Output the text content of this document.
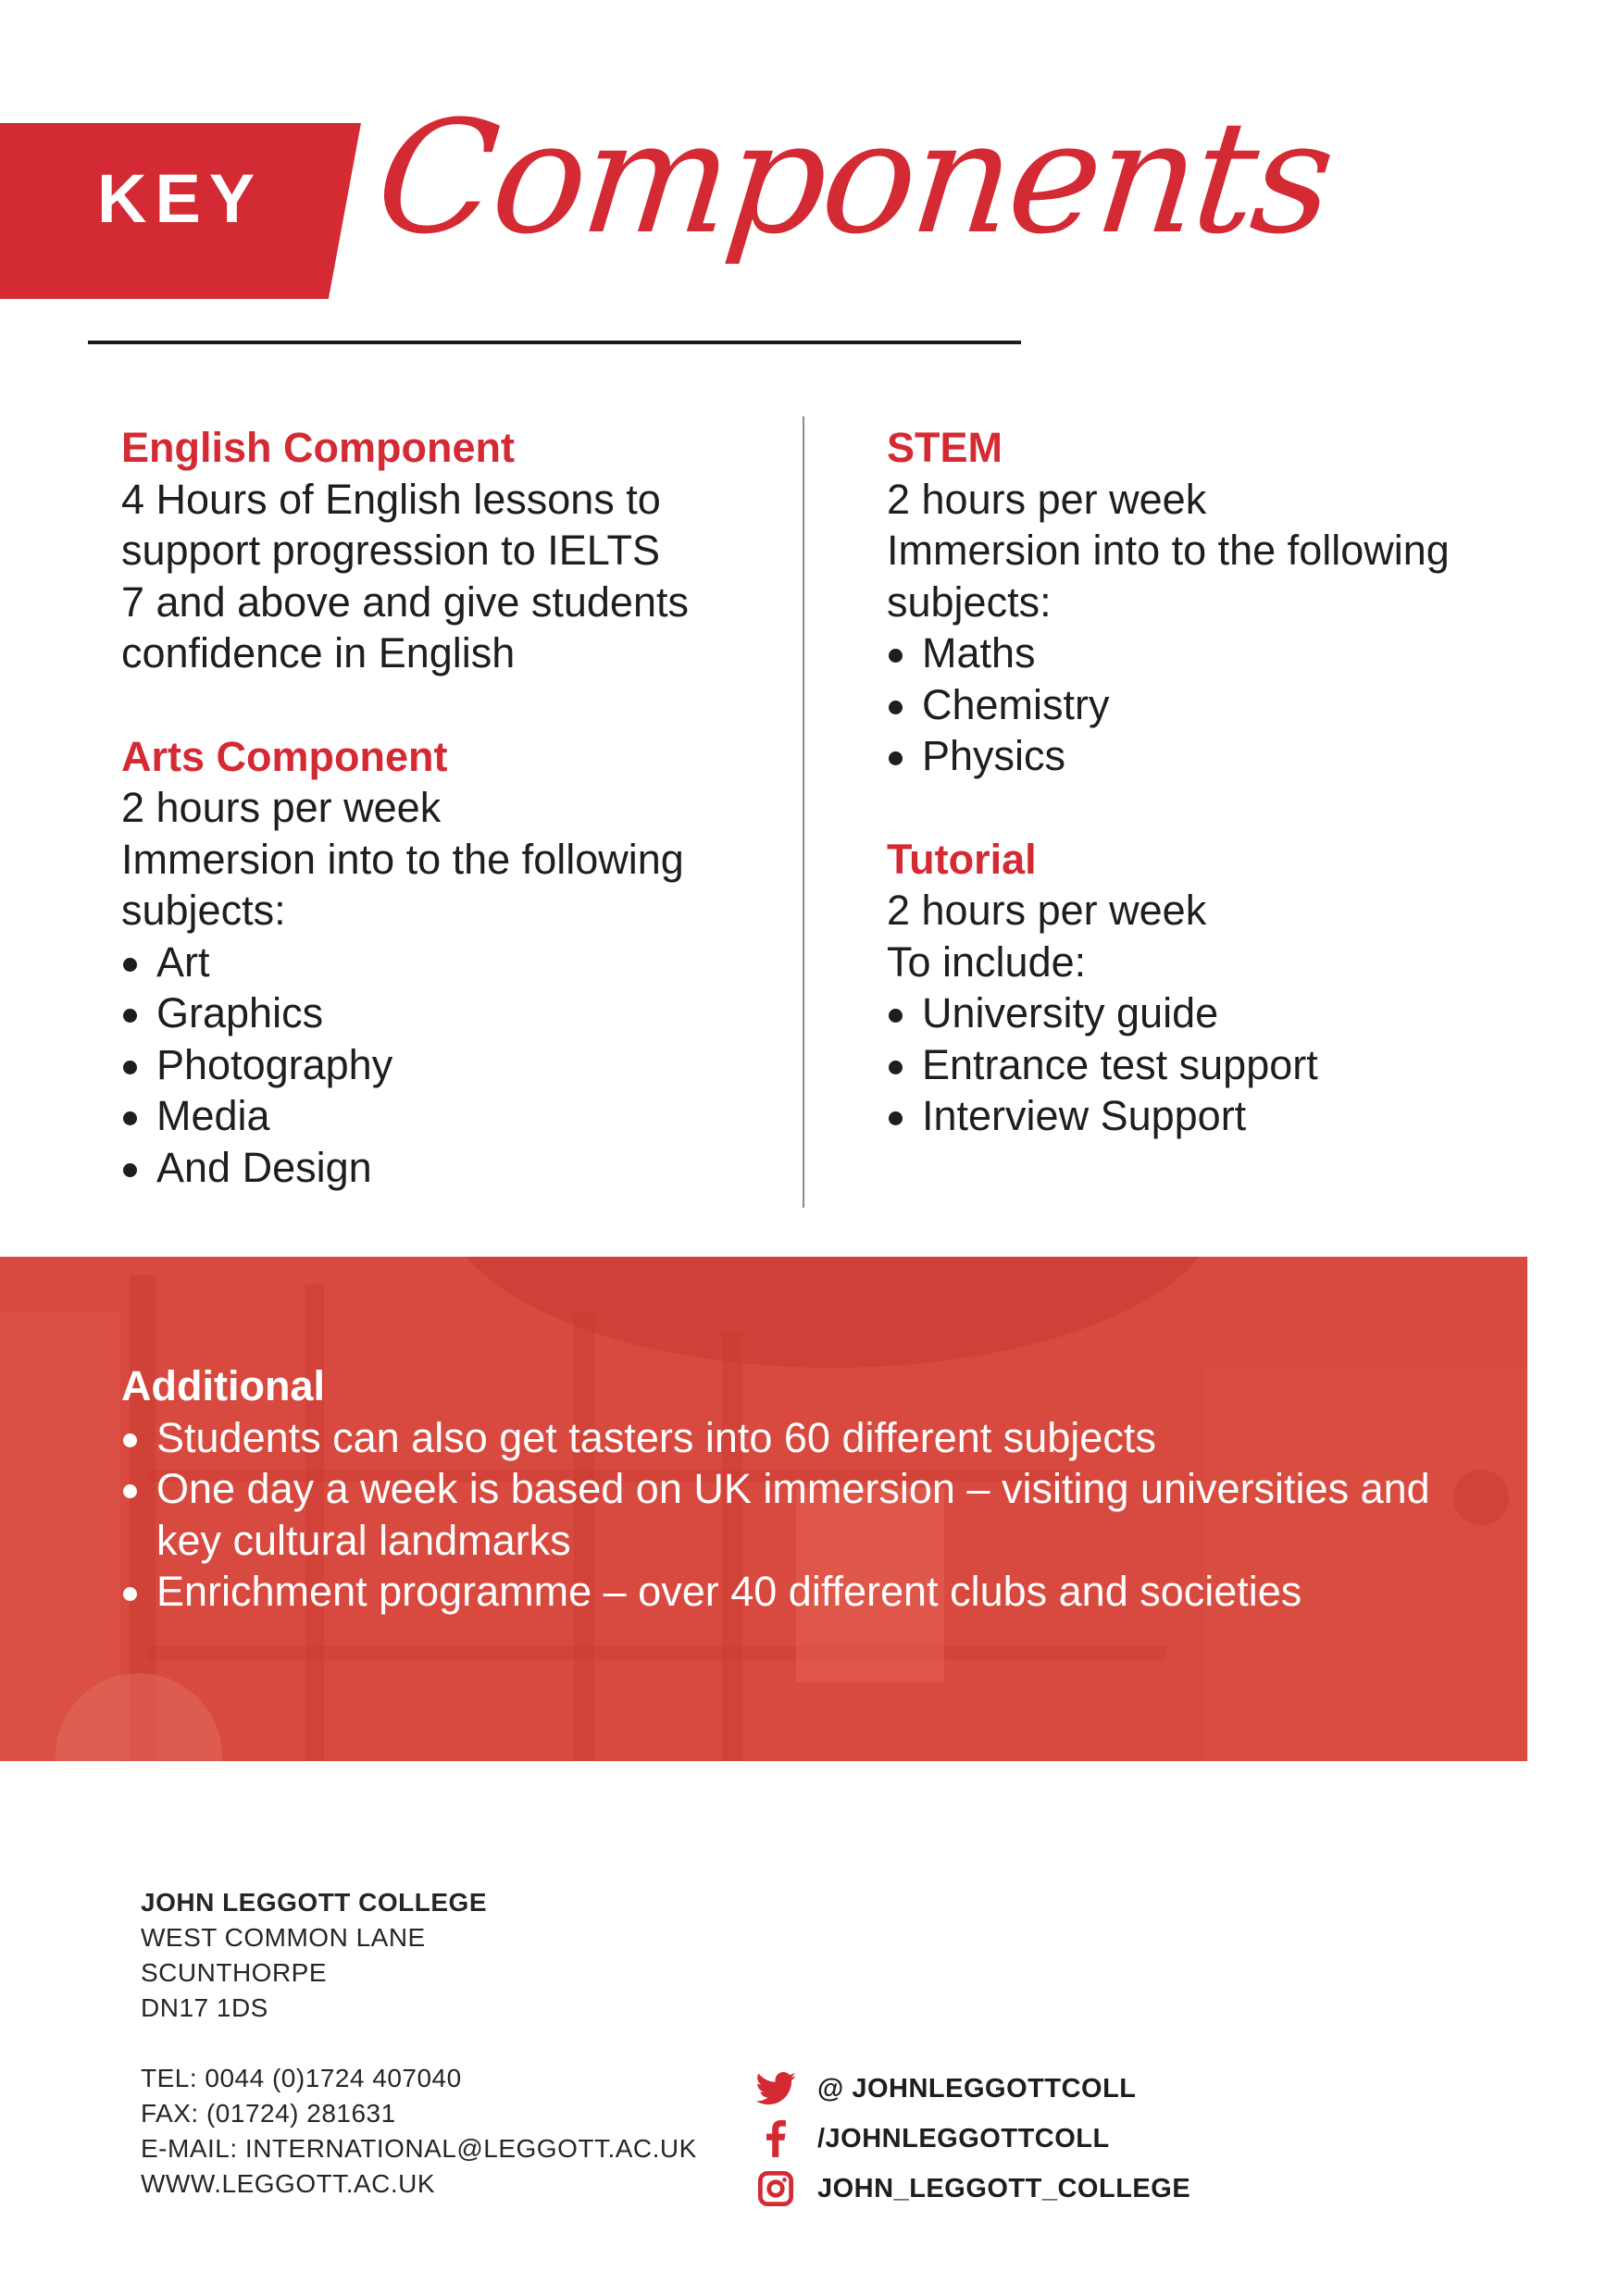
KEY Components
English Component
4 Hours of English lessons to
support progression to IELTS
7 and above and give students
confidence in English
Arts Component
2 hours per week
Immersion into to the following
subjects:
Art
Graphics
Photography
Media
And Design
STEM
2 hours per week
Immersion into to the following
subjects:
Maths
Chemistry
Physics
Tutorial
2 hours per week
To include:
University guide
Entrance test support
Interview Support
Additional
Students can also get tasters into 60 different subjects
One day a week is based on UK immersion – visiting universities and key cultural landmarks
Enrichment programme – over 40 different clubs and societies
JOHN LEGGOTT COLLEGE
WEST COMMON LANE
SCUNTHORPE
DN17 1DS
TEL: 0044 (0)1724 407040
FAX: (01724) 281631
E-MAIL: INTERNATIONAL@LEGGOTT.AC.UK
WWW.LEGGOTT.AC.UK
@ JOHNLEGGOTTCOLL
/JOHNLEGGOTTCOLL
JOHN_LEGGOTT_COLLEGE
